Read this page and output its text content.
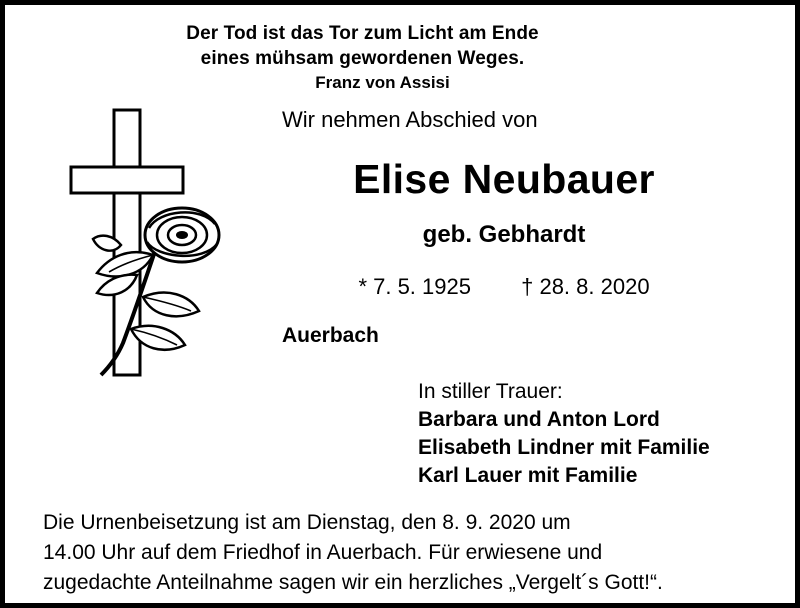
Der Tod ist das Tor zum Licht am Ende
eines mühsam gewordenen Weges.
Franz von Assisi
Wir nehmen Abschied von
Elise Neubauer
geb. Gebhardt
* 7. 5. 1925 † 28. 8. 2020
Auerbach
In stiller Trauer:
Barbara und Anton Lord
Elisabeth Lindner mit Familie
Karl Lauer mit Familie
Die Urnenbeisetzung ist am Dienstag, den 8. 9. 2020 um
14.00 Uhr auf dem Friedhof in Auerbach. Für erwiesene und
zugedachte Anteilnahme sagen wir ein herzliches „Vergelt´s Gott!“.
